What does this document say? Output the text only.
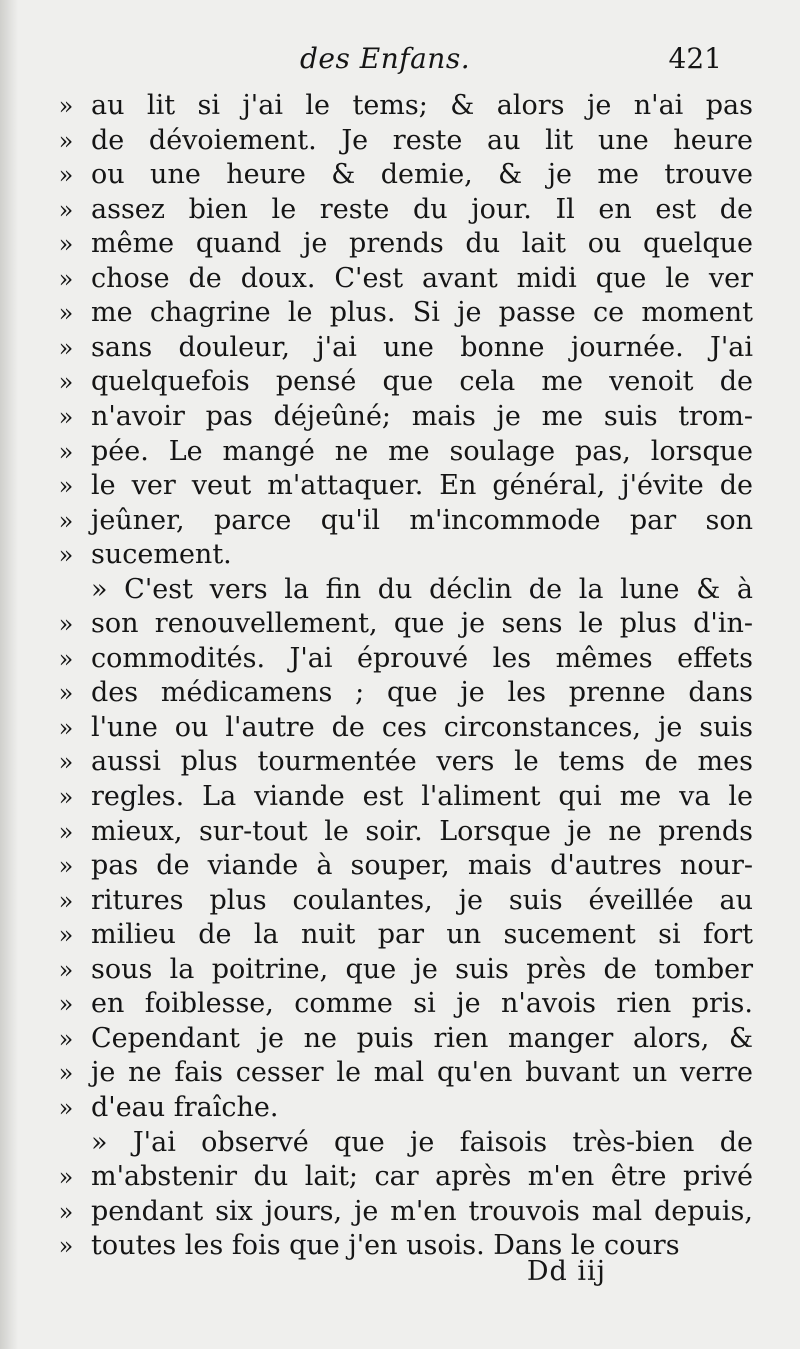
des Enfans.	421
» au lit si j'ai le tems; & alors je n'ai pas
» de dévoiement. Je reste au lit une heure
» ou une heure & demie, & je me trouve
» assez bien le reste du jour. Il en est de
» même quand je prends du lait ou quelque
» chose de doux. C'est avant midi que le ver
» me chagrine le plus. Si je passe ce moment
» sans douleur, j'ai une bonne journée. J'ai
» quelquefois pensé que cela me venoit de
» n'avoir pas déjeûné; mais je me suis trom-
» pée. Le mangé ne me soulage pas, lorsque
» le ver veut m'attaquer. En général, j'évite de
» jeûner, parce qu'il m'incommode par son
» sucement.
» C'est vers la fin du déclin de la lune & à
» son renouvellement, que je sens le plus d'in-
» commodités. J'ai éprouvé les mêmes effets
» des médicamens ; que je les prenne dans
» l'une ou l'autre de ces circonstances, je suis
» aussi plus tourmentée vers le tems de mes
» regles. La viande est l'aliment qui me va le
» mieux, sur-tout le soir. Lorsque je ne prends
» pas de viande à souper, mais d'autres nour-
» ritures plus coulantes, je suis éveillée au
» milieu de la nuit par un sucement si fort
» sous la poitrine, que je suis près de tomber
» en foiblesse, comme si je n'avois rien pris.
» Cependant je ne puis rien manger alors, &
» je ne fais cesser le mal qu'en buvant un verre
» d'eau fraîche.
» J'ai observé que je faisois très-bien de
» m'abstenir du lait; car après m'en être privé
» pendant six jours, je m'en trouvois mal depuis,
» toutes les fois que j'en usois. Dans le cours
Dd iij
